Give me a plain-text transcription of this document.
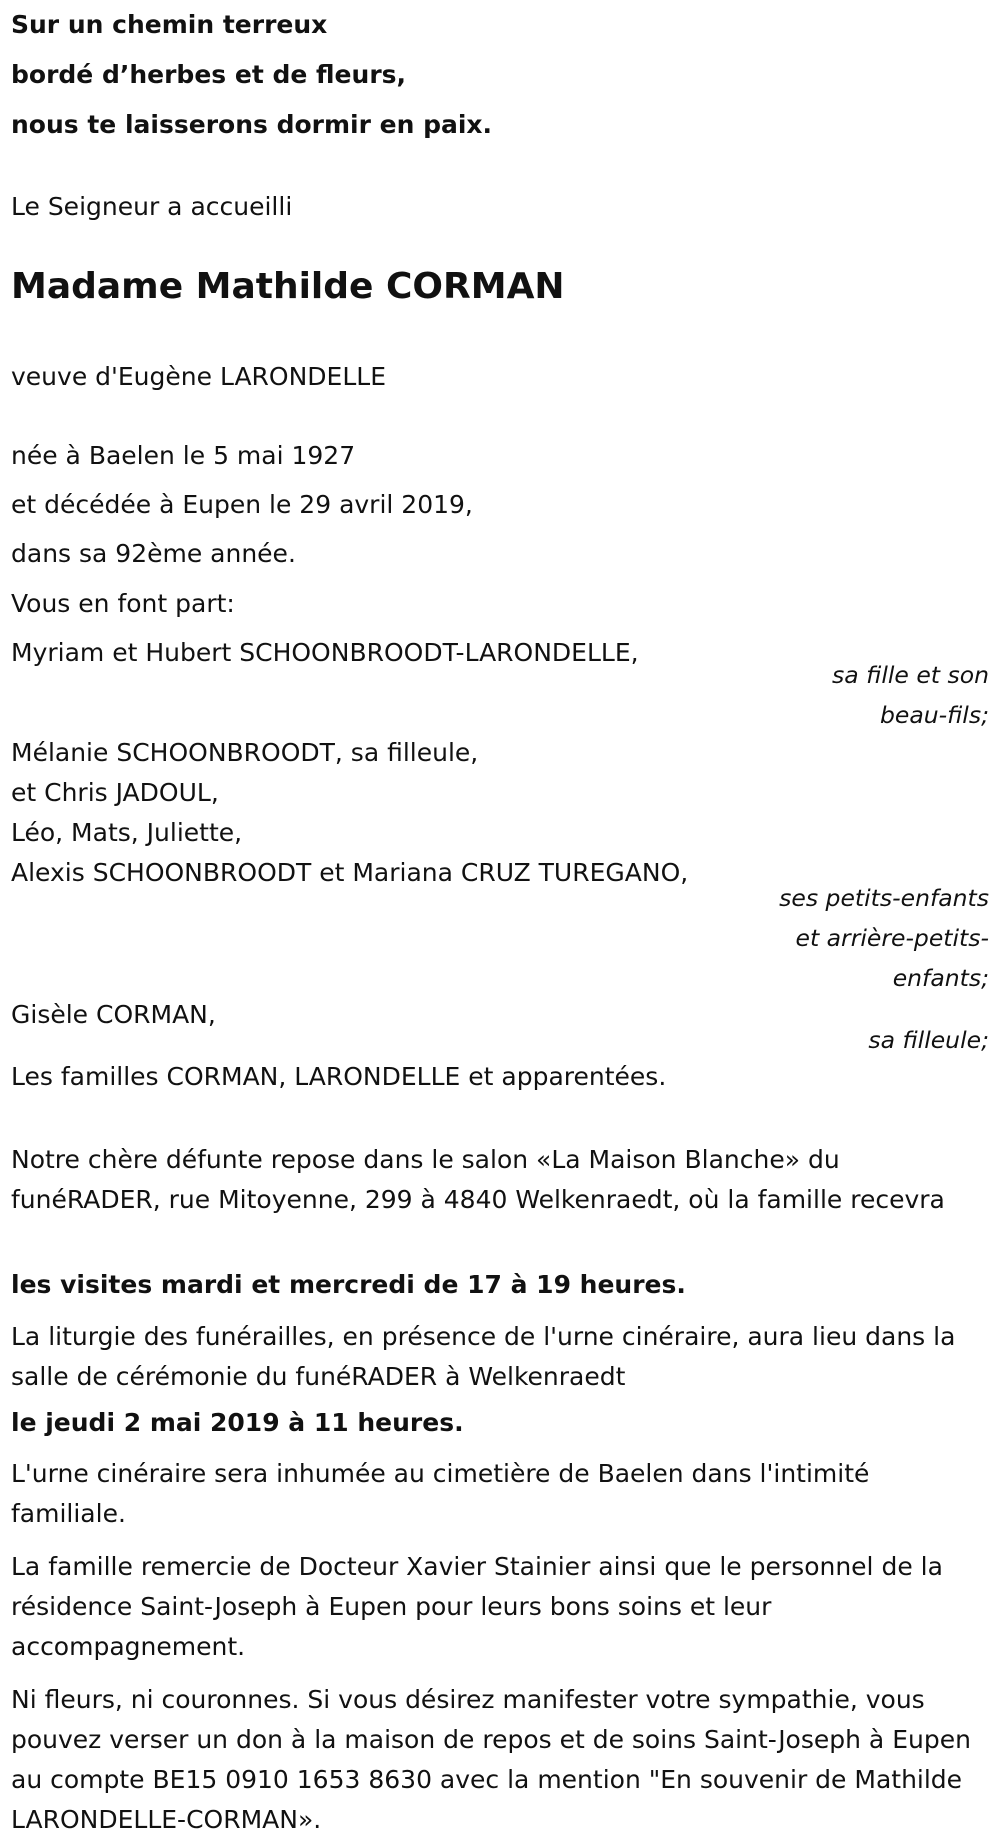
Sur un chemin terreux
bordé d’herbes et de fleurs,
nous te laisserons dormir en paix.
Le Seigneur a accueilli
Madame Mathilde CORMAN
veuve d'Eugène LARONDELLE
née à Baelen le 5 mai 1927
et décédée à Eupen le 29 avril 2019,
dans sa 92ème année.
Vous en font part:
Myriam et Hubert SCHOONBROODT-LARONDELLE,
sa fille et son
beau-fils;
Mélanie SCHOONBROODT, sa filleule,
et Chris JADOUL,
Léo, Mats, Juliette,
Alexis SCHOONBROODT et Mariana CRUZ TUREGANO,
ses petits-enfants
et arrière-petits-
enfants;
Gisèle CORMAN,
sa filleule;
Les familles CORMAN, LARONDELLE et apparentées.
Notre chère défunte repose dans le salon «La Maison Blanche» du funéRADER, rue Mitoyenne, 299 à 4840 Welkenraedt, où la famille recevra
les visites mardi et mercredi de 17 à 19 heures.
La liturgie des funérailles, en présence de l'urne cinéraire, aura lieu dans la salle de cérémonie du funéRADER à Welkenraedt
le jeudi 2 mai 2019 à 11 heures.
L'urne cinéraire sera inhumée au cimetière de Baelen dans l'intimité familiale.
La famille remercie de Docteur Xavier Stainier ainsi que le personnel de la résidence Saint-Joseph à Eupen pour leurs bons soins et leur accompagnement.
Ni fleurs, ni couronnes. Si vous désirez manifester votre sympathie, vous pouvez verser un don à la maison de repos et de soins Saint-Joseph à Eupen au compte BE15 0910 1653 8630 avec la mention "En souvenir de Mathilde LARONDELLE-CORMAN».
